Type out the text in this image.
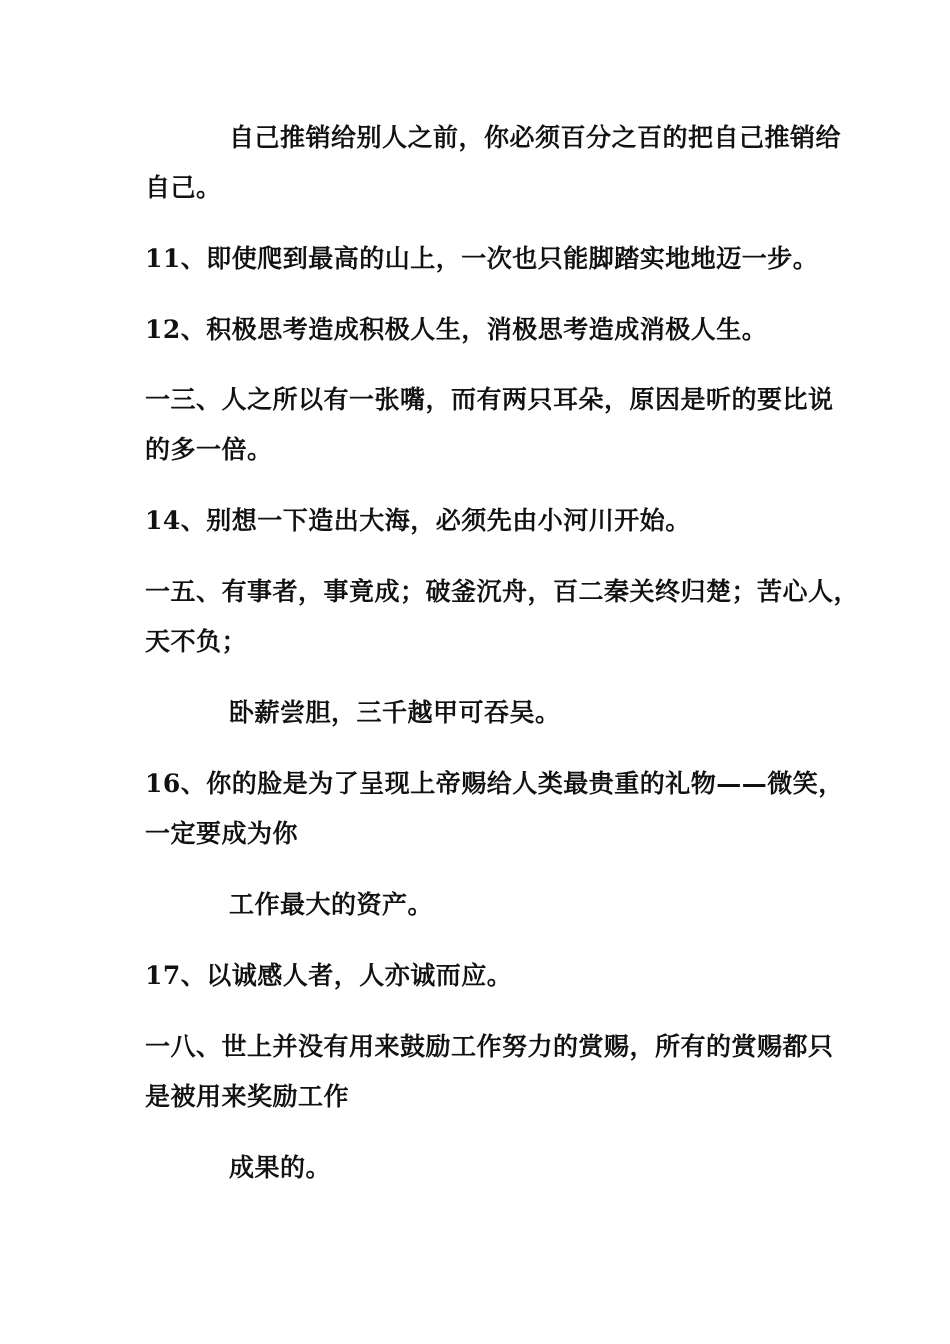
自己推销给别人之前，你必须百分之百的把自己推销给
自己。
11、即使爬到最高的山上，一次也只能脚踏实地地迈一步。
12、积极思考造成积极人生，消极思考造成消极人生。
一三、人之所以有一张嘴，而有两只耳朵，原因是听的要比说
的多一倍。
14、别想一下造出大海，必须先由小河川开始。
一五、有事者，事竟成；破釜沉舟，百二秦关终归楚；苦心人，
天不负；
卧薪尝胆，三千越甲可吞吴。
16、你的脸是为了呈现上帝赐给人类最贵重的礼物——微笑，
一定要成为你
工作最大的资产。
17、以诚感人者，人亦诚而应。
一八、世上并没有用来鼓励工作努力的赏赐，所有的赏赐都只
是被用来奖励工作
成果的。
